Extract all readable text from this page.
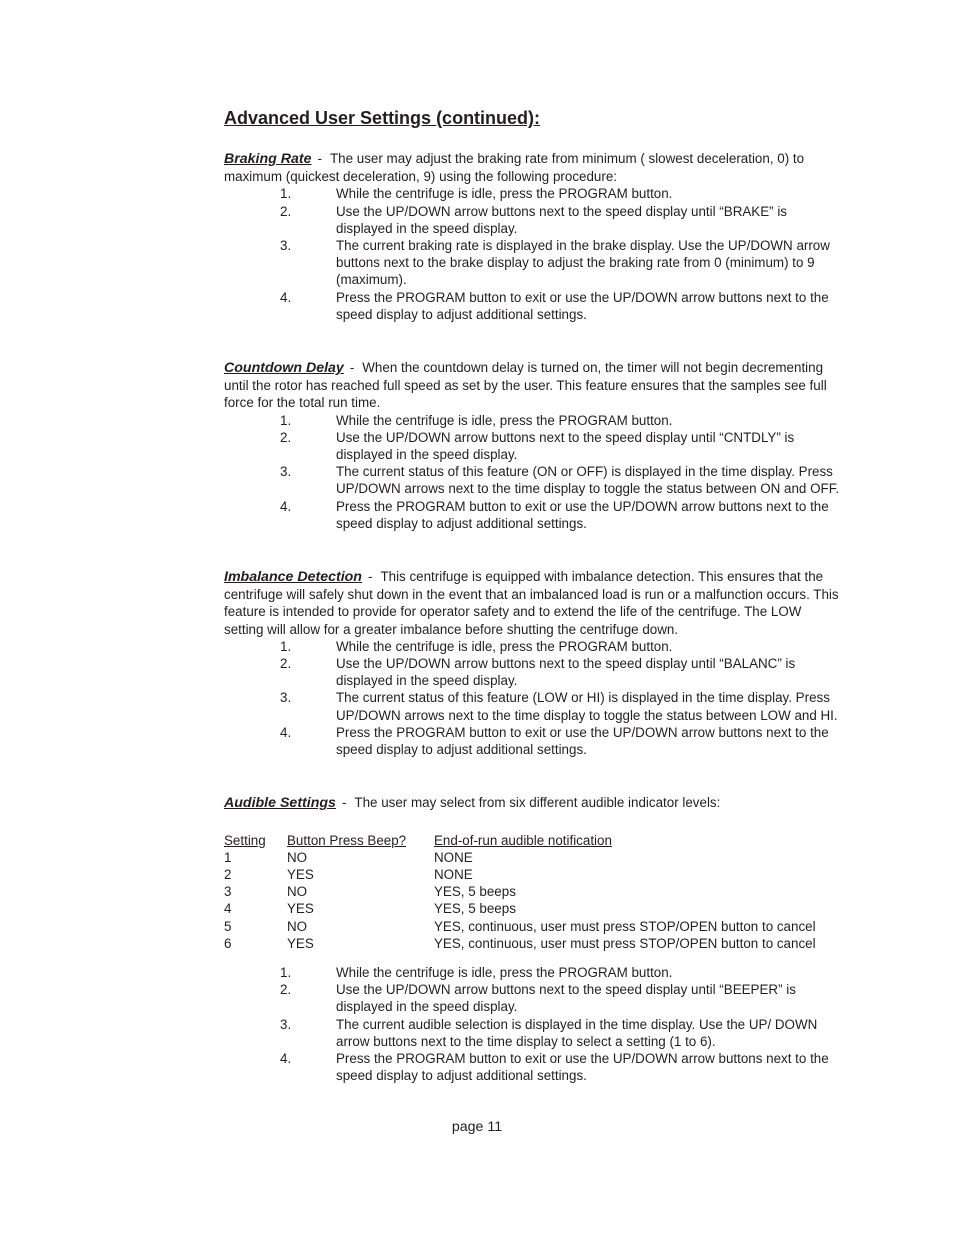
Advanced User Settings (continued):

Braking Rate - The user may adjust the braking rate from minimum ( slowest deceleration, 0) to maximum (quickest deceleration, 9) using the following procedure:

1.	While the centrifuge is idle, press the PROGRAM button.
2.	Use the UP/DOWN arrow buttons next to the speed display until “BRAKE” is displayed in the speed display.
3.	The current braking rate is displayed in the brake display. Use the UP/DOWN arrow buttons next to the brake display to adjust the braking rate from 0 (minimum) to 9 (maximum).
4.	Press the PROGRAM button to exit or use the UP/DOWN arrow buttons next to the speed display to adjust additional settings.

Countdown Delay - When the countdown delay is turned on, the timer will not begin decrementing until the rotor has reached full speed as set by the user. This feature ensures that the samples see full force for the total run time.

1.	While the centrifuge is idle, press the PROGRAM button.
2.	Use the UP/DOWN arrow buttons next to the speed display until “CNTDLY” is displayed in the speed display.
3.	The current status of this feature (ON or OFF) is displayed in the time display. Press UP/DOWN arrows next to the time display to toggle the status between ON and OFF.
4.	Press the PROGRAM button to exit or use the UP/DOWN arrow buttons next to the speed display to adjust additional settings.

Imbalance Detection - This centrifuge is equipped with imbalance detection. This ensures that the centrifuge will safely shut down in the event that an imbalanced load is run or a malfunction occurs. This feature is intended to provide for operator safety and to extend the life of the centrifuge. The LOW setting will allow for a greater imbalance before shutting the centrifuge down.

1.	While the centrifuge is idle, press the PROGRAM button.
2.	Use the UP/DOWN arrow buttons next to the speed display until “BALANC” is displayed in the speed display.
3.	The current status of this feature (LOW or HI) is displayed in the time display. Press UP/DOWN arrows next to the time display to toggle the status between LOW and HI.
4.	Press the PROGRAM button to exit or use the UP/DOWN arrow buttons next to the speed display to adjust additional settings.

Audible Settings - The user may select from six different audible indicator levels:

Setting	Button Press Beep?	End-of-run audible notification
1	NO	NONE
2	YES	NONE
3	NO	YES, 5 beeps
4	YES	YES, 5 beeps
5	NO	YES, continuous, user must press STOP/OPEN button to cancel
6	YES	YES, continuous, user must press STOP/OPEN button to cancel
1.	While the centrifuge is idle, press the PROGRAM button.
2.	Use the UP/DOWN arrow buttons next to the speed display until “BEEPER” is displayed in the speed display.
3.	The current audible selection is displayed in the time display. Use the UP/ DOWN arrow buttons next to the time display to select a setting (1 to 6).
4.	Press the PROGRAM button to exit or use the UP/DOWN arrow buttons next to the speed display to adjust additional settings.
page 11
